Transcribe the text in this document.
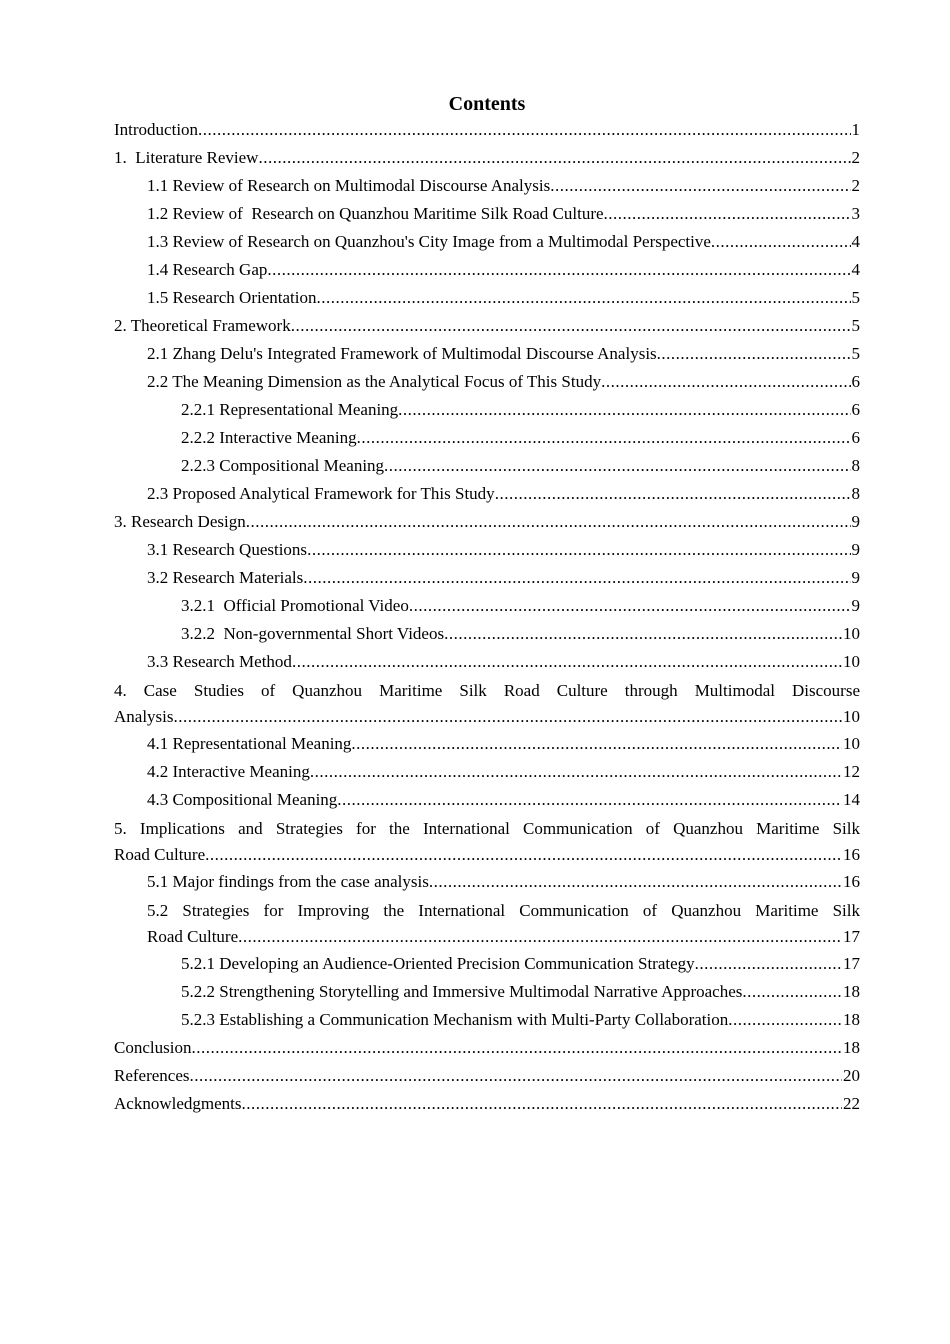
Contents
Introduction .....	1
1.  Literature Review .....	2
1.1 Review of Research on Multimodal Discourse Analysis .....	2
1.2 Review of  Research on Quanzhou Maritime Silk Road Culture .....	3
1.3 Review of Research on Quanzhou's City Image from a Multimodal Perspective .....	4
1.4 Research Gap .....	4
1.5 Research Orientation .....	5
2. Theoretical Framework .....	5
2.1 Zhang Delu's Integrated Framework of Multimodal Discourse Analysis .....	5
2.2 The Meaning Dimension as the Analytical Focus of This Study .....	6
2.2.1 Representational Meaning .....	6
2.2.2 Interactive Meaning .....	6
2.2.3 Compositional Meaning .....	8
2.3 Proposed Analytical Framework for This Study .....	8
3. Research Design .....	9
3.1 Research Questions .....	9
3.2 Research Materials .....	9
3.2.1  Official Promotional Video .....	9
3.2.2  Non-governmental Short Videos .....	10
3.3 Research Method .....	10
4. Case Studies of Quanzhou Maritime Silk Road Culture through Multimodal Discourse
Analysis .....	10
4.1 Representational Meaning .....	10
4.2 Interactive Meaning .....	12
4.3 Compositional Meaning .....	14
5. Implications and Strategies for the International Communication of Quanzhou Maritime Silk
Road Culture .....	16
5.1 Major findings from the case analysis .....	16
5.2 Strategies for Improving the International Communication of Quanzhou Maritime Silk
Road Culture .....	17
5.2.1 Developing an Audience-Oriented Precision Communication Strategy .....	17
5.2.2 Strengthening Storytelling and Immersive Multimodal Narrative Approaches .....	18
5.2.3 Establishing a Communication Mechanism with Multi-Party Collaboration .....	18
Conclusion .....	18
References .....	20
Acknowledgments .....	22
